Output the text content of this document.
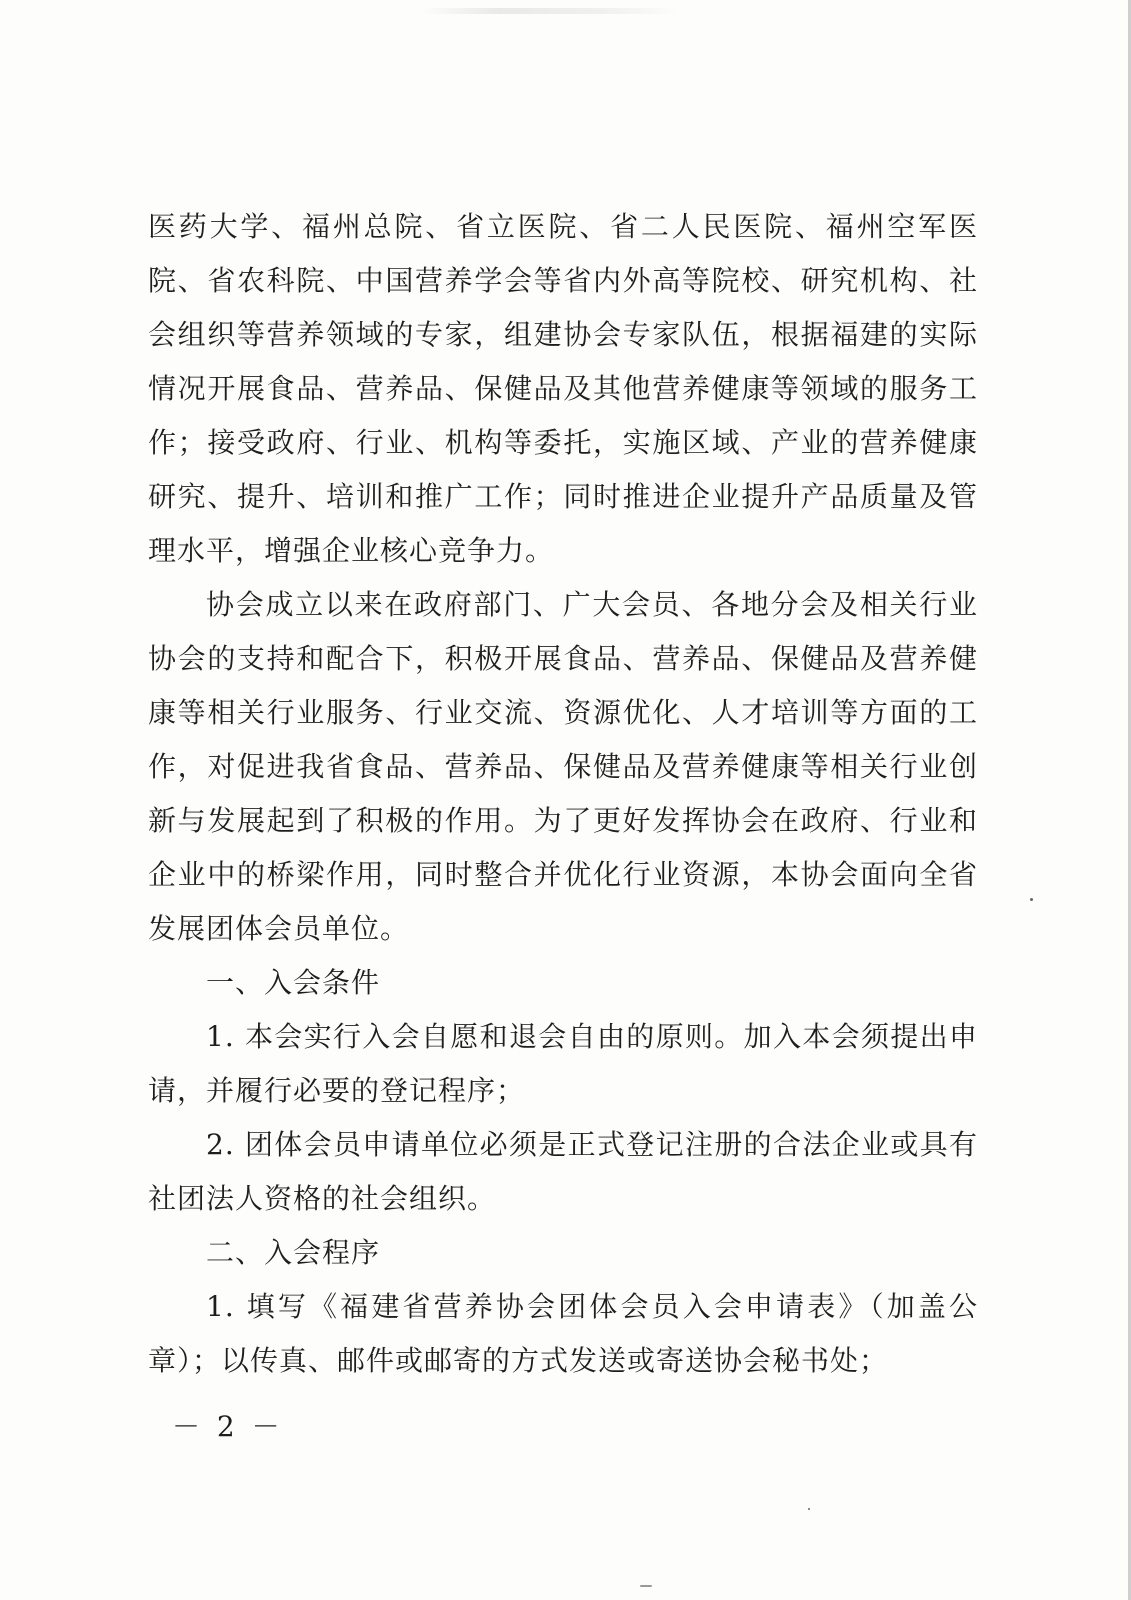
医药大学、福州总院、省立医院、省二人民医院、福州空军医院、省农科院、中国营养学会等省内外高等院校、研究机构、社会组织等营养领域的专家，组建协会专家队伍，根据福建的实际情况开展食品、营养品、保健品及其他营养健康等领域的服务工作；接受政府、行业、机构等委托，实施区域、产业的营养健康研究、提升、培训和推广工作；同时推进企业提升产品质量及管理水平，增强企业核心竞争力。

协会成立以来在政府部门、广大会员、各地分会及相关行业协会的支持和配合下，积极开展食品、营养品、保健品及营养健康等相关行业服务、行业交流、资源优化、人才培训等方面的工作，对促进我省食品、营养品、保健品及营养健康等相关行业创新与发展起到了积极的作用。为了更好发挥协会在政府、行业和企业中的桥梁作用，同时整合并优化行业资源，本协会面向全省发展团体会员单位。

一、入会条件

1. 本会实行入会自愿和退会自由的原则。加入本会须提出申请，并履行必要的登记程序；

2. 团体会员申请单位必须是正式登记注册的合法企业或具有社团法人资格的社会组织。

二、入会程序

1. 填写《福建省营养协会团体会员入会申请表》（加盖公章）；以传真、邮件或邮寄的方式发送或寄送协会秘书处；

－ 2 －
